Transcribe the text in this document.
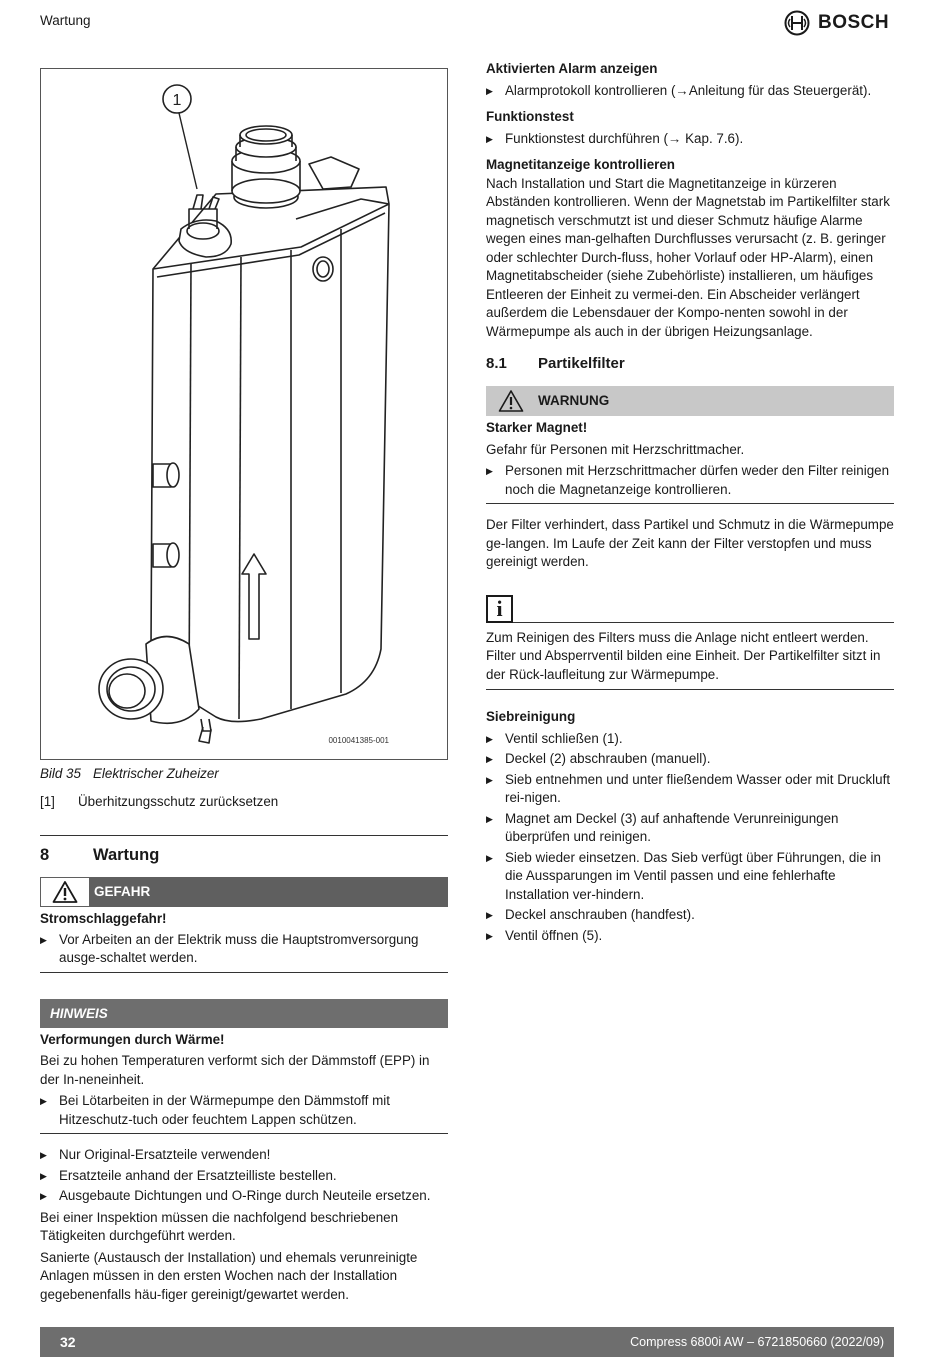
Wartung	BOSCH
1
0010041385-001
Bild 35 Elektrischer Zuheizer
[1]	Überhitzungsschutz zurücksetzen
8	Wartung
GEFAHR

Stromschlaggefahr!

▶ Vor Arbeiten an der Elektrik muss die Hauptstromversorgung ausge-schaltet werden.
HINWEIS

Verformungen durch Wärme!

Bei zu hohen Temperaturen verformt sich der Dämmstoff (EPP) in der In-neneinheit.

▶ Bei Lötarbeiten in der Wärmepumpe den Dämmstoff mit Hitzeschutz-tuch oder feuchtem Lappen schützen.
▶ Nur Original-Ersatzteile verwenden!
▶ Ersatzteile anhand der Ersatzteilliste bestellen.
▶ Ausgebaute Dichtungen und O-Ringe durch Neuteile ersetzen.

Bei einer Inspektion müssen die nachfolgend beschriebenen Tätigkeiten durchgeführt werden.

Sanierte (Austausch der Installation) und ehemals verunreinigte Anlagen müssen in den ersten Wochen nach der Installation gegebenenfalls häu-figer gereinigt/gewartet werden.

Aktivierten Alarm anzeigen

▶ Alarmprotokoll kontrollieren (→Anleitung für das Steuergerät).

Funktionstest

▶ Funktionstest durchführen (→ Kap. 7.6).

Magnetitanzeige kontrollieren

Nach Installation und Start die Magnetitanzeige in kürzeren Abständen kontrollieren. Wenn der Magnetstab im Partikelfilter stark magnetisch verschmutzt ist und dieser Schmutz häufige Alarme wegen eines man-gelhaften Durchflusses verursacht (z. B. geringer oder schlechter Durch-fluss, hoher Vorlauf oder HP-Alarm), einen Magnetitabscheider (siehe Zubehörliste) installieren, um häufiges Entleeren der Einheit zu vermei-den. Ein Abscheider verlängert außerdem die Lebensdauer der Kompo-nenten sowohl in der Wärmepumpe als auch in der übrigen Heizungsanlage.

8.1	Partikelfilter
WARNUNG

Starker Magnet!

Gefahr für Personen mit Herzschrittmacher.

▶ Personen mit Herzschrittmacher dürfen weder den Filter reinigen noch die Magnetanzeige kontrollieren.

Der Filter verhindert, dass Partikel und Schmutz in die Wärmepumpe ge-langen. Im Laufe der Zeit kann der Filter verstopfen und muss gereinigt werden.

i
Zum Reinigen des Filters muss die Anlage nicht entleert werden. Filter und Absperrventil bilden eine Einheit. Der Partikelfilter sitzt in der Rück-laufleitung zur Wärmepumpe.

Siebreinigung

▶ Ventil schließen (1).
▶ Deckel (2) abschrauben (manuell).
▶ Sieb entnehmen und unter fließendem Wasser oder mit Druckluft rei-nigen.
▶ Magnet am Deckel (3) auf anhaftende Verunreinigungen überprüfen und reinigen.
▶ Sieb wieder einsetzen. Das Sieb verfügt über Führungen, die in die Aussparungen im Ventil passen und eine fehlerhafte Installation ver-hindern.
▶ Deckel anschrauben (handfest).
▶ Ventil öffnen (5).
32	Compress 6800i AW – 6721850660 (2022/09)
